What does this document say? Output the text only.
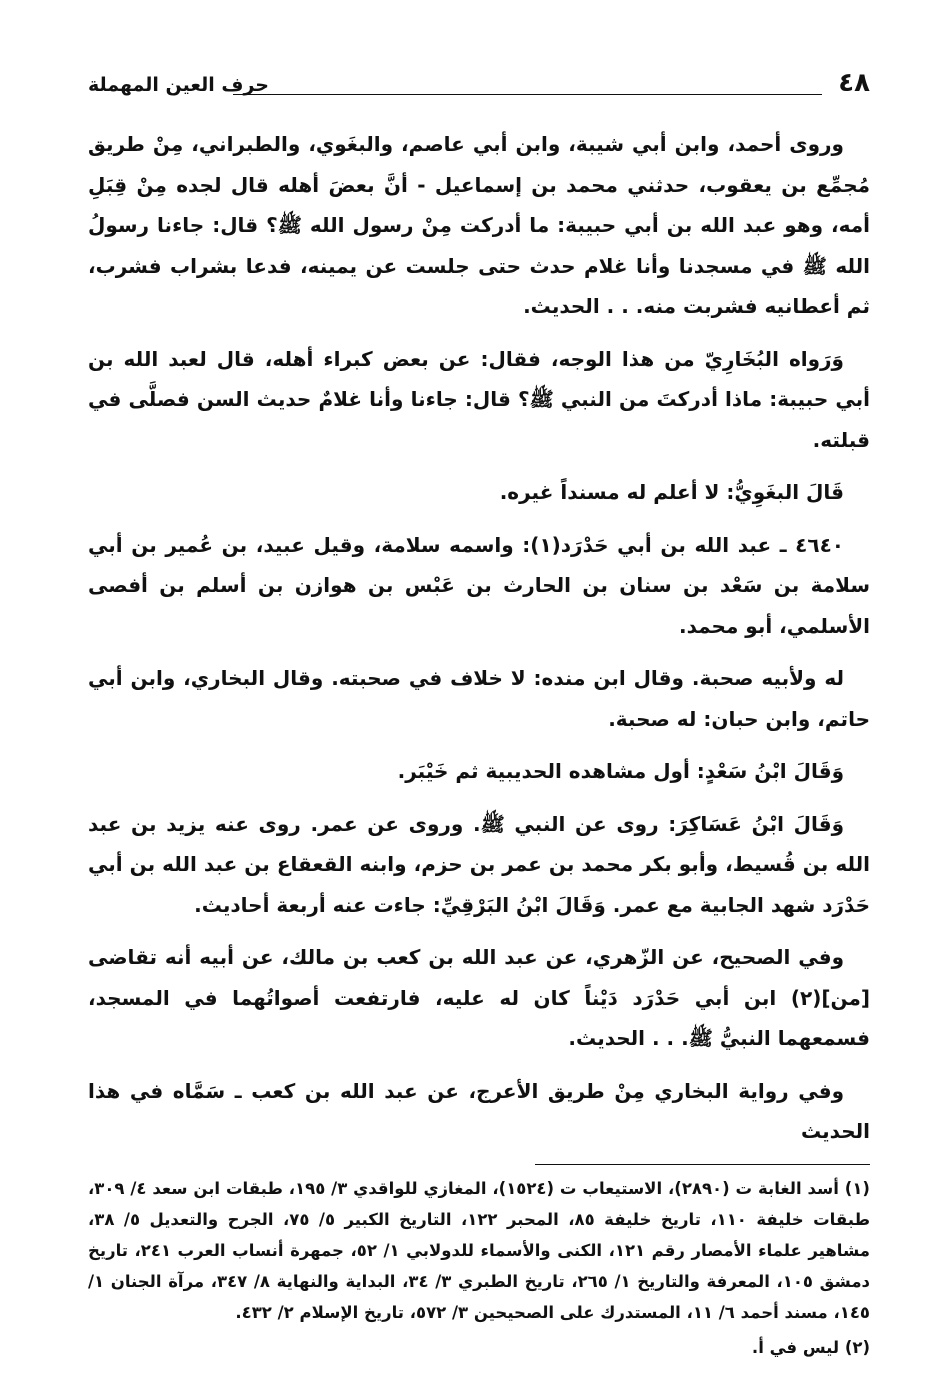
٤٨
حرف العين المهملة

وروى أحمد، وابن أبي شيبة، وابن أبي عاصم، والبغَوي، والطبراني، مِنْ طريق مُجمِّع بن يعقوب، حدثني محمد بن إسماعيل - أنَّ بعضَ أهله قال لجده مِنْ قِبَلِ أمه، وهو عبد الله بن أبي حبيبة: ما أدركت مِنْ رسول الله ﷺ؟ قال: جاءنا رسولُ الله ﷺ في مسجدنا وأنا غلام حدث حتى جلست عن يمينه، فدعا بشراب فشرب، ثم أعطانيه فشربت منه. . . الحديث.

وَرَواه البُخَارِيّ من هذا الوجه، فقال: عن بعض كبراء أهله، قال لعبد الله بن أبي حبيبة: ماذا أدركتَ من النبي ﷺ؟ قال: جاءنا وأنا غلامٌ حديث السن فصلَّى في قبلته.

قَالَ البغَوِيُّ: لا أعلم له مسنداً غيره.

٤٦٤٠ ـ عبد الله بن أبي حَدْرَد(١): واسمه سلامة، وقيل عبيد، بن عُمير بن أبي سلامة بن سَعْد بن سنان بن الحارث بن عَبْس بن هوازن بن أسلم بن أفصى الأسلمي، أبو محمد.

له ولأبيه صحبة. وقال ابن منده: لا خلاف في صحبته. وقال البخاري، وابن أبي حاتم، وابن حبان: له صحبة.

وَقَالَ ابْنُ سَعْدٍ: أول مشاهده الحديبية ثم خَيْبَر.

وَقَالَ ابْنُ عَسَاكِرَ: روى عن النبي ﷺ. وروى عن عمر. روى عنه يزيد بن عبد الله بن قُسيط، وأبو بكر محمد بن عمر بن حزم، وابنه القعقاع بن عبد الله بن أبي حَدْرَد شهد الجابية مع عمر. وَقَالَ ابْنُ البَرْقِيِّ: جاءت عنه أربعة أحاديث.

وفي الصحيح، عن الزّهري، عن عبد الله بن كعب بن مالك، عن أبيه أنه تقاضى [من](٢) ابن أبي حَدْرَد دَيْناً كان له عليه، فارتفعت أصواتُهما في المسجد، فسمعهما النبيُّ ﷺ. . . الحديث.

وفي رواية البخاري مِنْ طريق الأعرج، عن عبد الله بن كعب ـ سَمَّاه في هذا الحديث

(١) أسد الغابة ت (٢٨٩٠)، الاستيعاب ت (١٥٢٤)، المغازي للواقدي ٣/ ١٩٥، طبقات ابن سعد ٤/ ٣٠٩، طبقات خليفة ١١٠، تاريخ خليفة ٨٥، المحبر ١٢٢، التاريخ الكبير ٥/ ٧٥، الجرح والتعديل ٥/ ٣٨، مشاهير علماء الأمصار رقم ١٢١، الكنى والأسماء للدولابي ١/ ٥٢، جمهرة أنساب العرب ٢٤١، تاريخ دمشق ١٠٥، المعرفة والتاريخ ١/ ٢٦٥، تاريخ الطبري ٣/ ٣٤، البداية والنهاية ٨/ ٣٤٧، مرآة الجنان ١/ ١٤٥، مسند أحمد ٦/ ١١، المستدرك على الصحيحين ٣/ ٥٧٢، تاريخ الإسلام ٢/ ٤٣٢.

(٢) ليس في أ.
